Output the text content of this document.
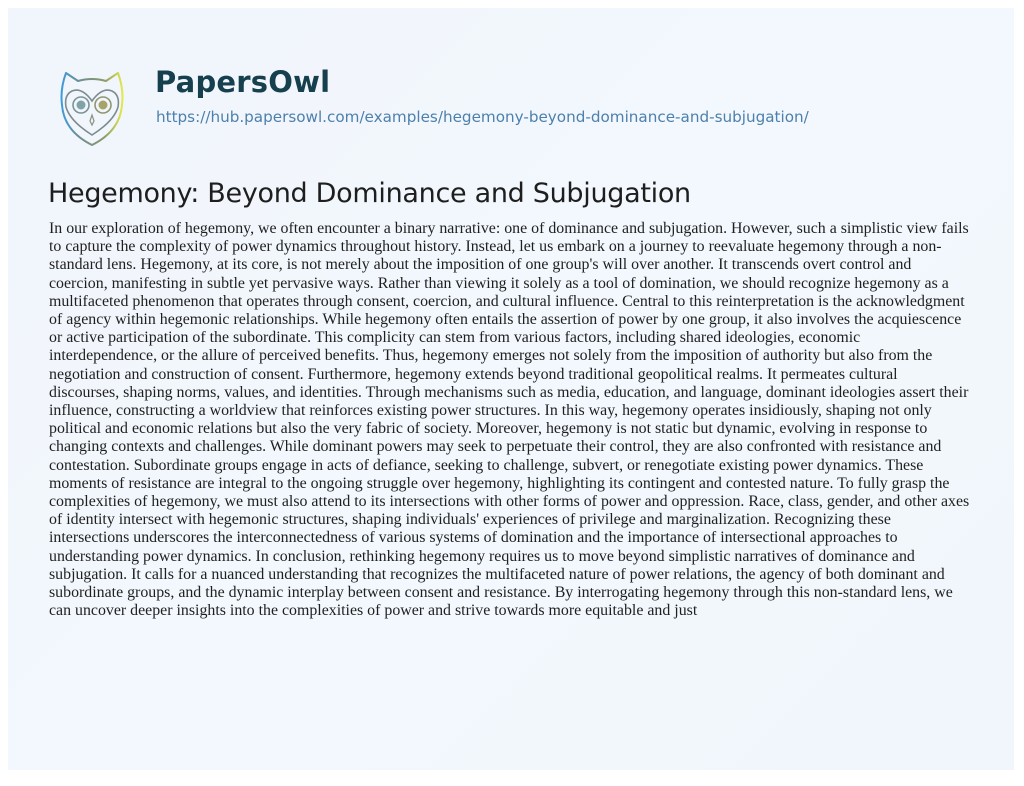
PapersOwl
https://hub.papersowl.com/examples/hegemony-beyond-dominance-and-subjugation/
Hegemony: Beyond Dominance and Subjugation

In our exploration of hegemony, we often encounter a binary narrative: one of dominance and subjugation. However, such a simplistic view fails
to capture the complexity of power dynamics throughout history. Instead, let us embark on a journey to reevaluate hegemony through a non-
standard lens. Hegemony, at its core, is not merely about the imposition of one group's will over another. It transcends overt control and
coercion, manifesting in subtle yet pervasive ways. Rather than viewing it solely as a tool of domination, we should recognize hegemony as a
multifaceted phenomenon that operates through consent, coercion, and cultural influence. Central to this reinterpretation is the acknowledgment
of agency within hegemonic relationships. While hegemony often entails the assertion of power by one group, it also involves the acquiescence
or active participation of the subordinate. This complicity can stem from various factors, including shared ideologies, economic
interdependence, or the allure of perceived benefits. Thus, hegemony emerges not solely from the imposition of authority but also from the
negotiation and construction of consent. Furthermore, hegemony extends beyond traditional geopolitical realms. It permeates cultural
discourses, shaping norms, values, and identities. Through mechanisms such as media, education, and language, dominant ideologies assert their
influence, constructing a worldview that reinforces existing power structures. In this way, hegemony operates insidiously, shaping not only
political and economic relations but also the very fabric of society. Moreover, hegemony is not static but dynamic, evolving in response to
changing contexts and challenges. While dominant powers may seek to perpetuate their control, they are also confronted with resistance and
contestation. Subordinate groups engage in acts of defiance, seeking to challenge, subvert, or renegotiate existing power dynamics. These
moments of resistance are integral to the ongoing struggle over hegemony, highlighting its contingent and contested nature. To fully grasp the
complexities of hegemony, we must also attend to its intersections with other forms of power and oppression. Race, class, gender, and other axes
of identity intersect with hegemonic structures, shaping individuals' experiences of privilege and marginalization. Recognizing these
intersections underscores the interconnectedness of various systems of domination and the importance of intersectional approaches to
understanding power dynamics. In conclusion, rethinking hegemony requires us to move beyond simplistic narratives of dominance and
subjugation. It calls for a nuanced understanding that recognizes the multifaceted nature of power relations, the agency of both dominant and
subordinate groups, and the dynamic interplay between consent and resistance. By interrogating hegemony through this non-standard lens, we
can uncover deeper insights into the complexities of power and strive towards more equitable and just
